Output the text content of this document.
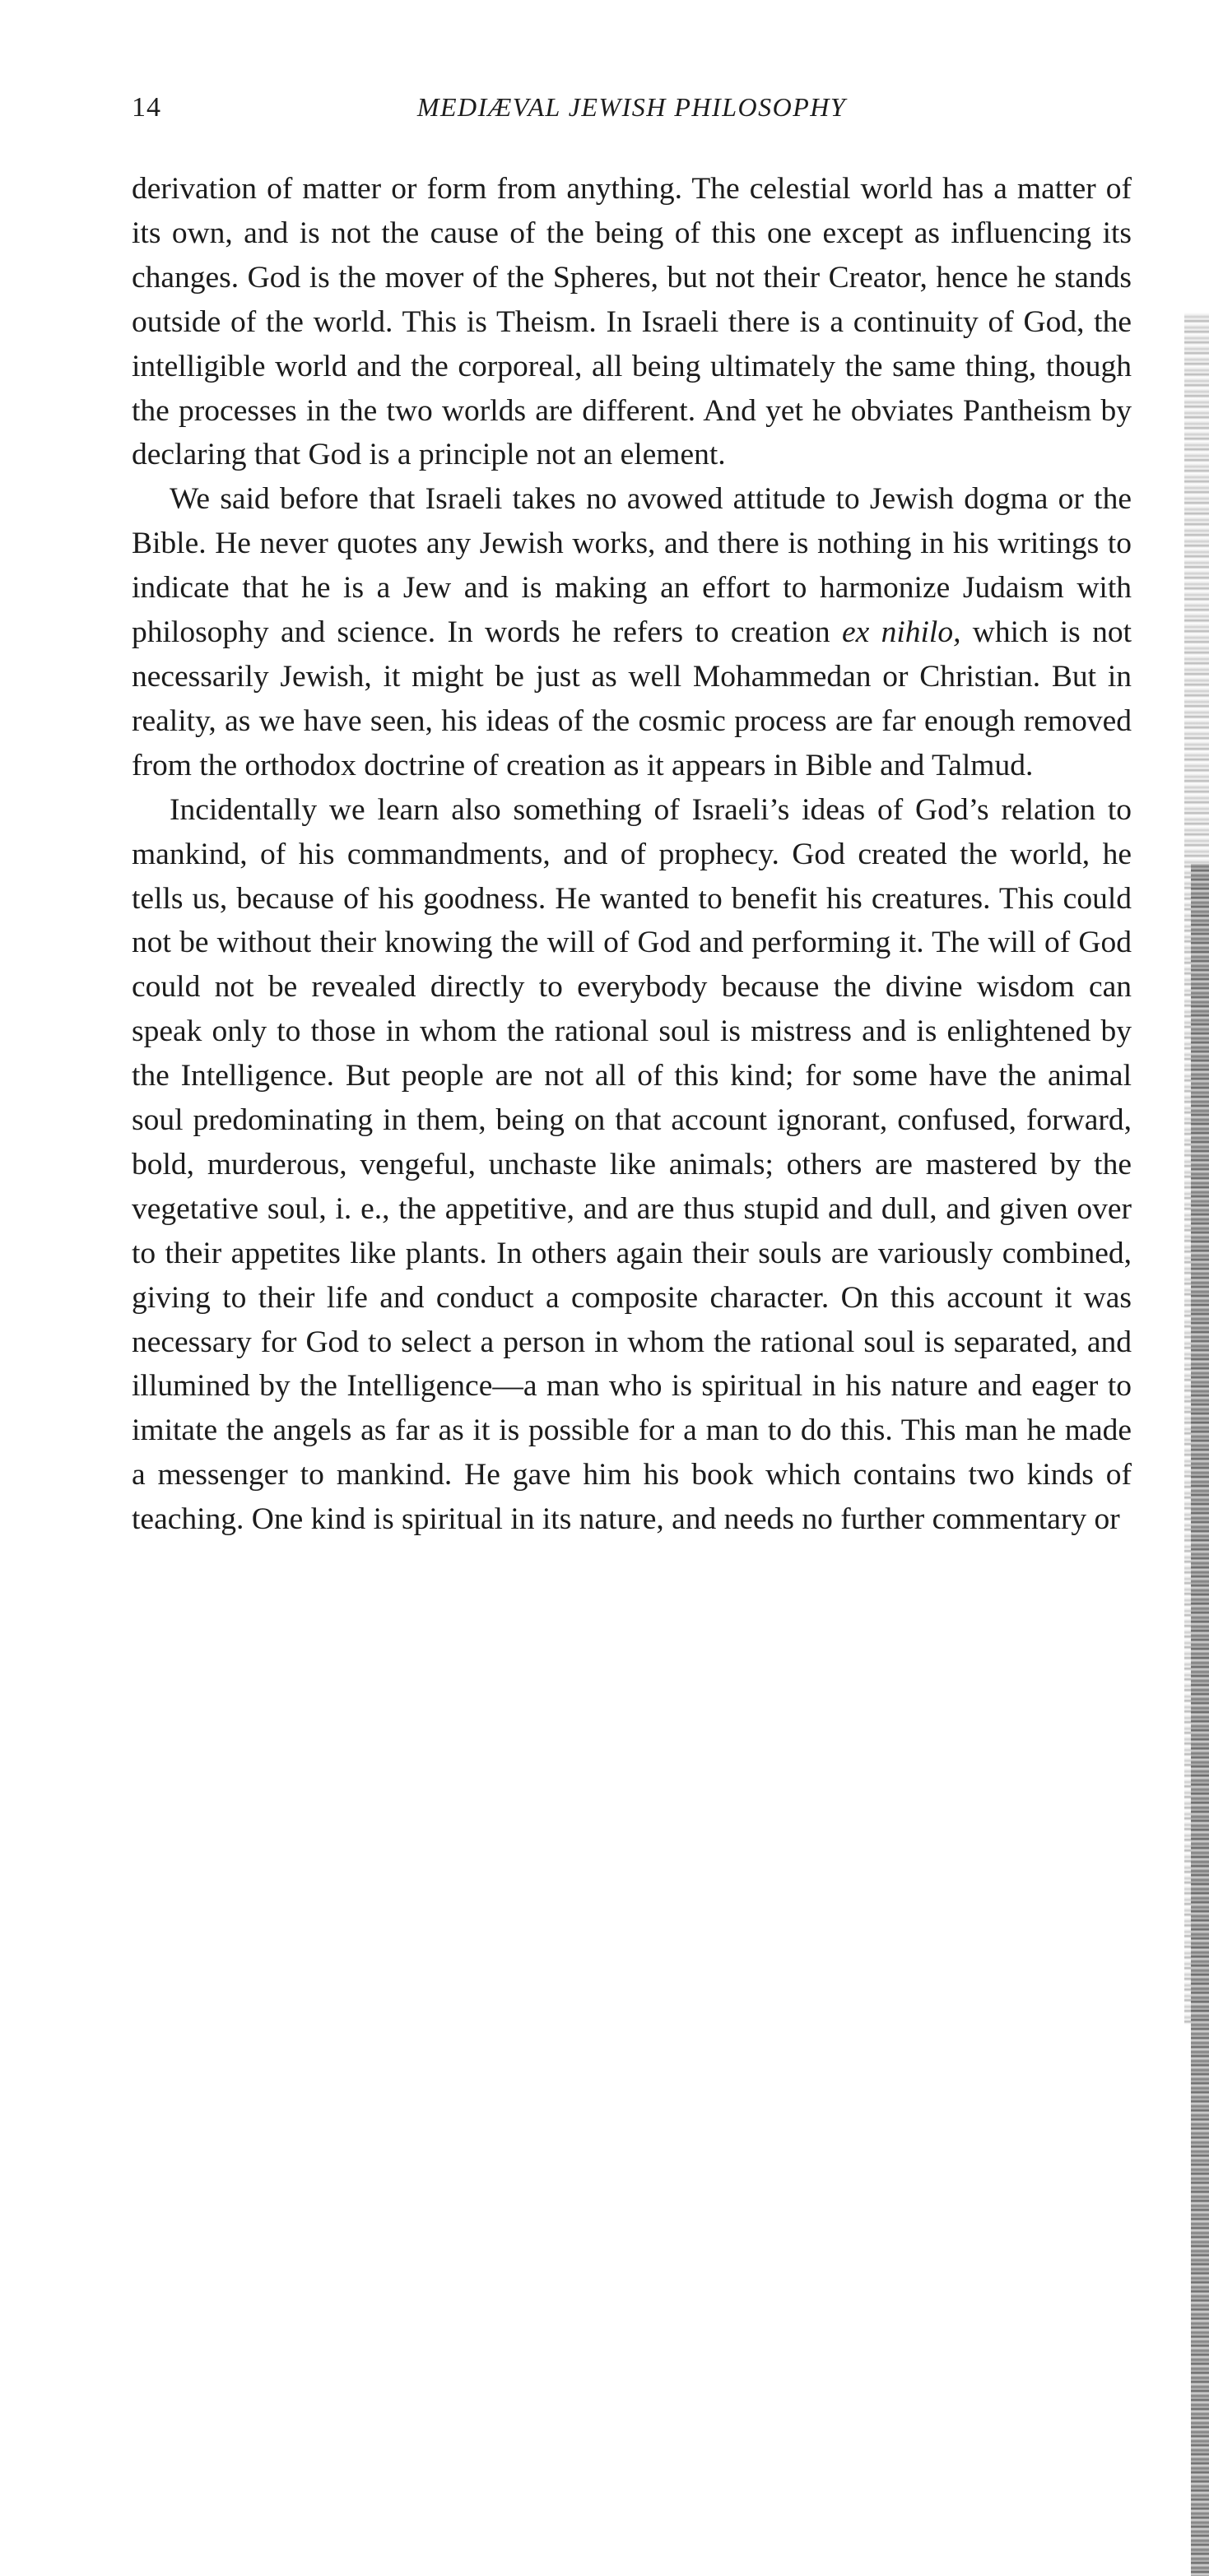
14	MEDIÆVAL JEWISH PHILOSOPHY

derivation of matter or form from anything. The celestial world has a matter of its own, and is not the cause of the being of this one except as influencing its changes. God is the mover of the Spheres, but not their Creator, hence he stands outside of the world. This is Theism. In Israeli there is a continuity of God, the intelligible world and the corporeal, all being ultimately the same thing, though the processes in the two worlds are different. And yet he obviates Pantheism by declaring that God is a principle not an element.

We said before that Israeli takes no avowed attitude to Jewish dogma or the Bible. He never quotes any Jewish works, and there is nothing in his writings to indicate that he is a Jew and is making an effort to harmonize Judaism with philosophy and science. In words he refers to creation ex nihilo, which is not necessarily Jewish, it might be just as well Mohammedan or Christian. But in reality, as we have seen, his ideas of the cosmic process are far enough removed from the orthodox doctrine of creation as it appears in Bible and Talmud.

Incidentally we learn also something of Israeli’s ideas of God’s relation to mankind, of his commandments, and of prophecy. God created the world, he tells us, because of his goodness. He wanted to benefit his creatures. This could not be without their knowing the will of God and performing it. The will of God could not be revealed directly to everybody because the divine wisdom can speak only to those in whom the rational soul is mistress and is enlightened by the Intelligence. But people are not all of this kind; for some have the animal soul predominating in them, being on that account ignorant, confused, forward, bold, murderous, vengeful, unchaste like animals; others are mastered by the vegetative soul, i. e., the appetitive, and are thus stupid and dull, and given over to their appetites like plants. In others again their souls are variously combined, giving to their life and conduct a composite character. On this account it was necessary for God to select a person in whom the rational soul is separated, and illumined by the Intelligence—a man who is spiritual in his nature and eager to imitate the angels as far as it is possible for a man to do this. This man he made a messenger to mankind. He gave him his book which contains two kinds of teaching. One kind is spiritual in its nature, and needs no further commentary or
